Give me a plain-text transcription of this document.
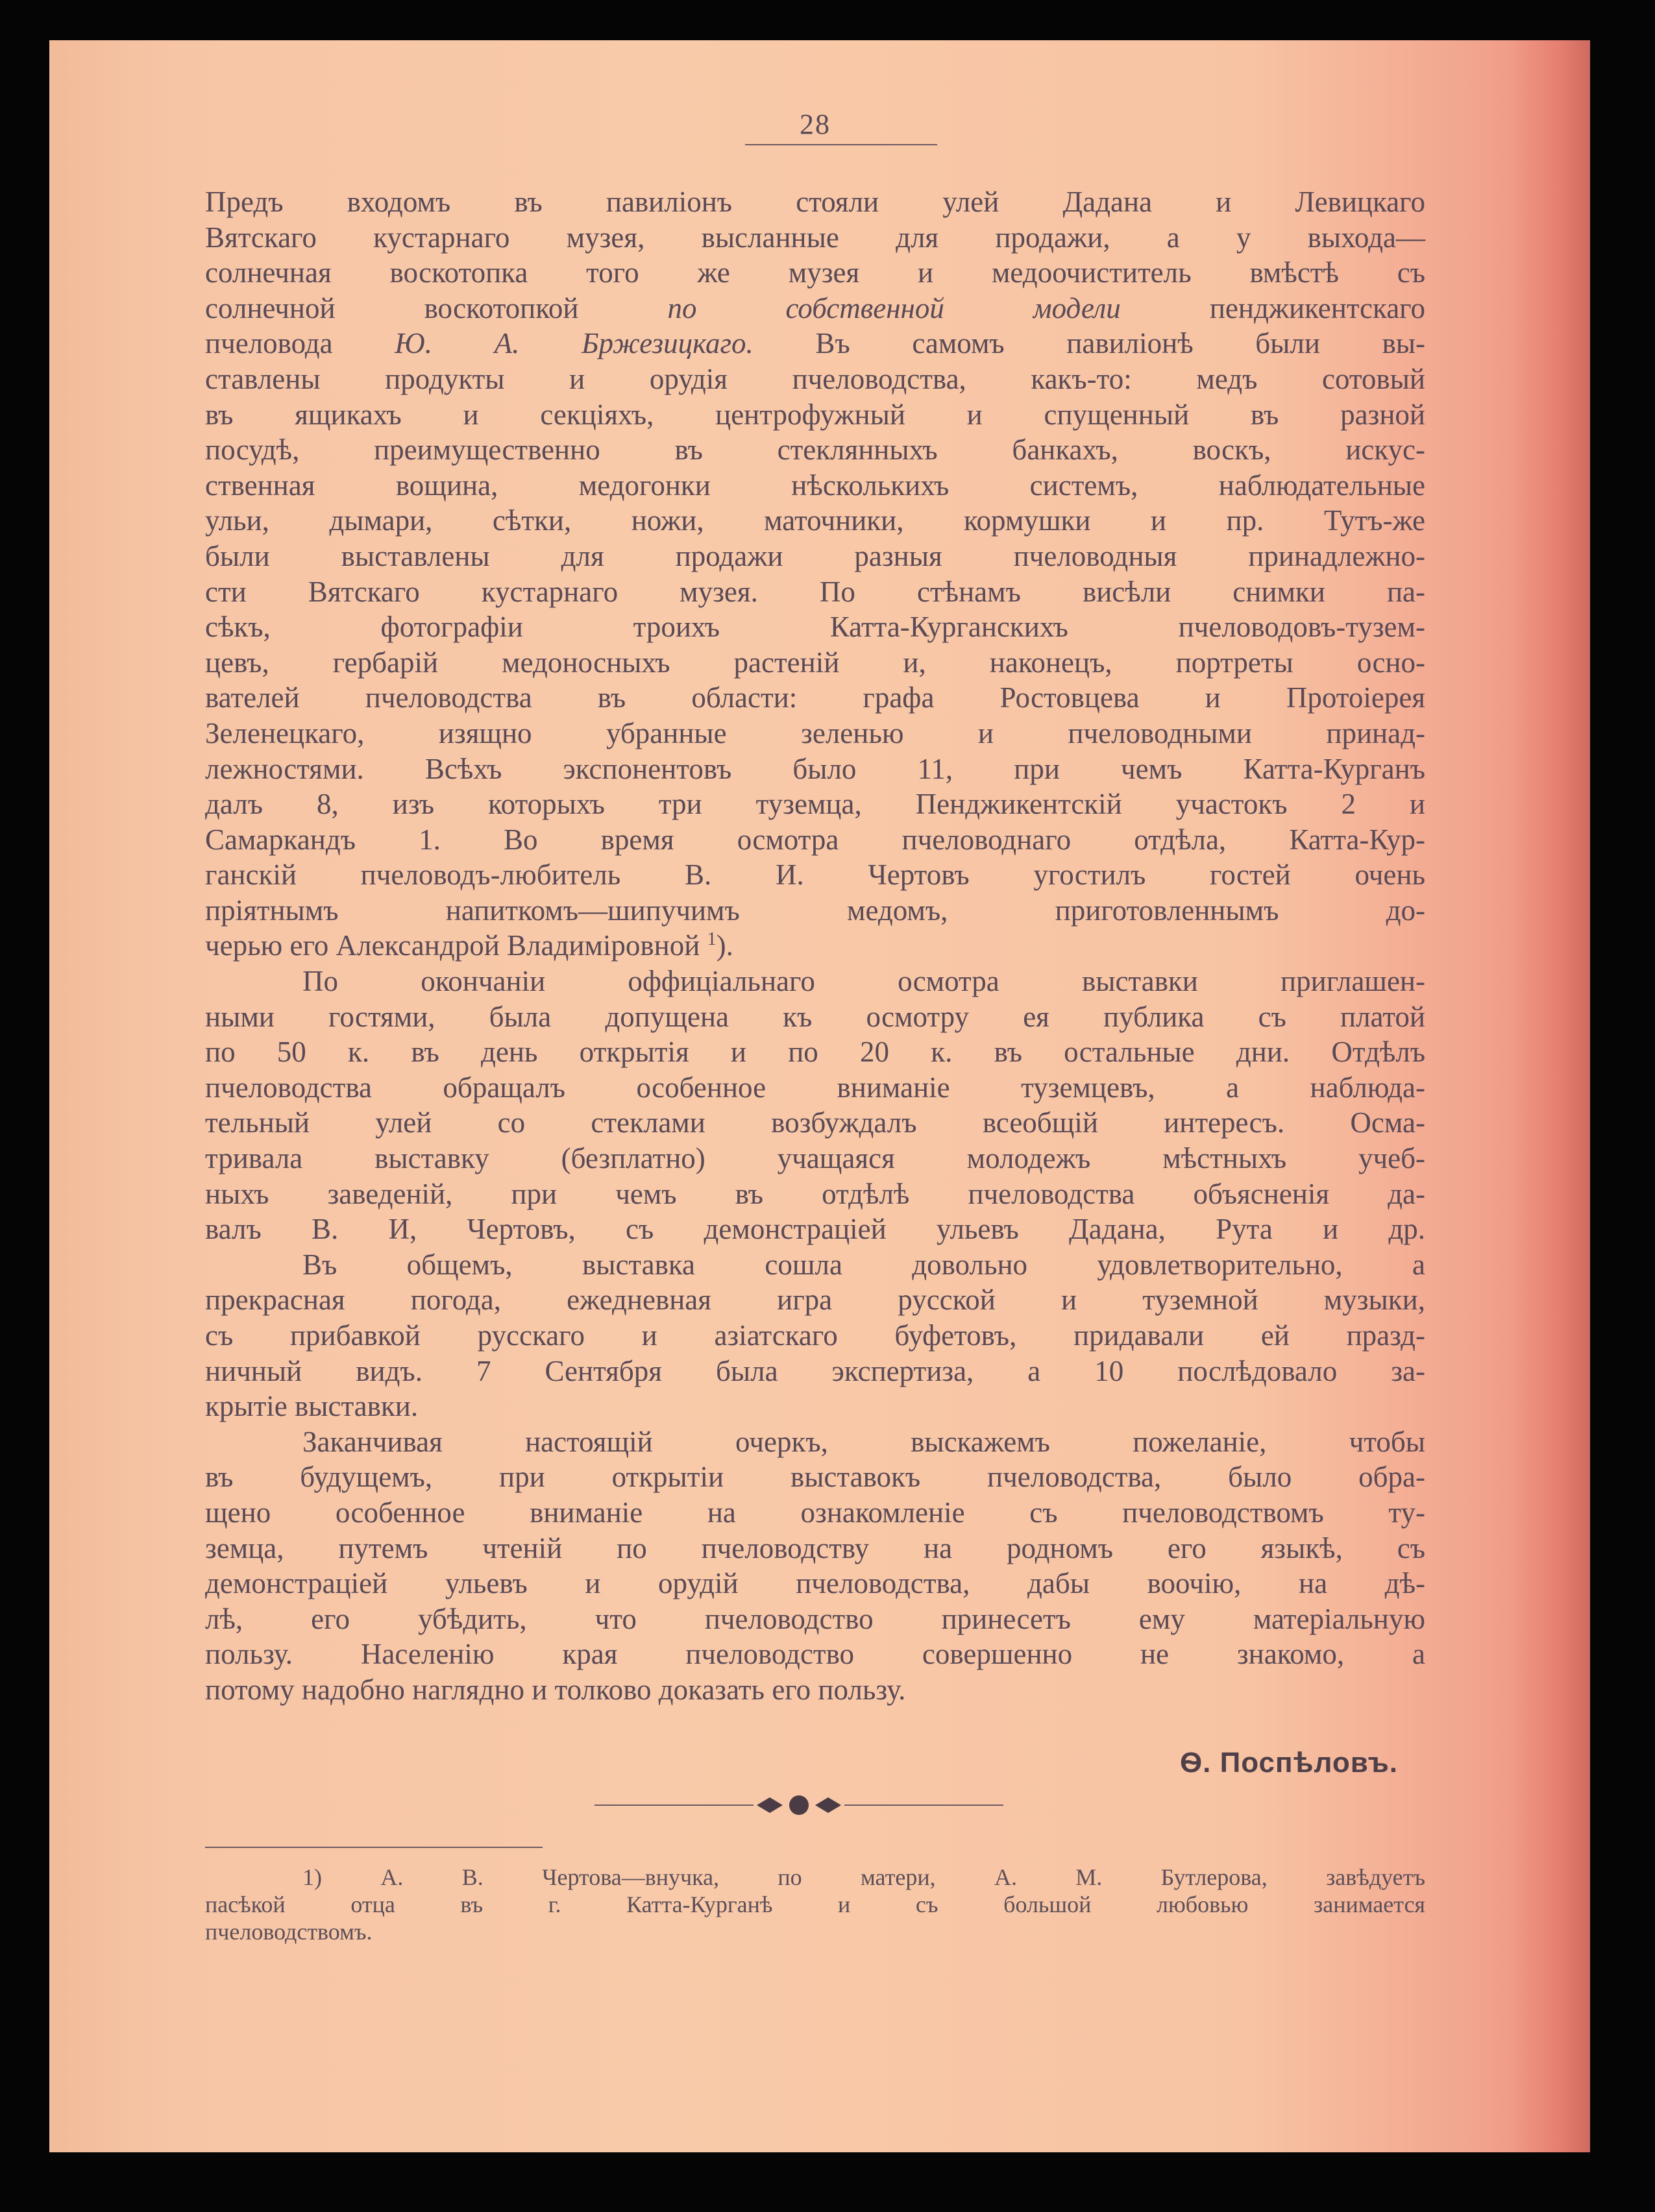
28

Предъ входомъ въ павилiонъ стояли улей Дадана и Левицкаго
Вятскаго кустарнаго музея, высланные для продажи, а у выхода—
солнечная воскотопка того же музея и медоочиститель вмѣстѣ съ
солнечной воскотопкой по собственной модели пенджикентскаго
пчеловода Ю. А. Бржезицкаго. Въ самомъ павилiонѣ были вы-
ставлены продукты и орудiя пчеловодства, какъ-то: медъ сотовый
въ ящикахъ и секцiяхъ, центрофужный и спущенный въ разной
посудѣ, преимущественно въ стеклянныхъ банкахъ, воскъ, искус-
ственная вощина, медогонки нѣсколькихъ системъ, наблюдательные
ульи, дымари, сѣтки, ножи, маточники, кормушки и пр. Тутъ-же
были выставлены для продажи разныя пчеловодныя принадлежно-
сти Вятскаго кустарнаго музея. По стѣнамъ висѣли снимки па-
сѣкъ, фотографiи троихъ Катта-Курганскихъ пчеловодовъ-тузем-
цевъ, гербарiй медоносныхъ растенiй и, наконецъ, портреты осно-
вателей пчеловодства въ области: графа Ростовцева и Протоiерея
Зеленецкаго, изящно убранные зеленью и пчеловодными принад-
лежностями. Всѣхъ экспонентовъ было 11, при чемъ Катта-Курганъ
далъ 8, изъ которыхъ три туземца, Пенджикентскiй участокъ 2 и
Самаркандъ 1. Во время осмотра пчеловоднаго отдѣла, Катта-Кур-
ганскiй пчеловодъ-любитель В. И. Чертовъ угостилъ гостей очень
прiятнымъ напиткомъ—шипучимъ медомъ, приготовленнымъ до-
черью его Александрой Владимiровной $^1$).

По окончанiи оффицiальнаго осмотра выставки приглашен-
ными гостями, была допущена къ осмотру ея публика съ платой
по 50 к. въ день открытiя и по 20 к. въ остальные дни. Отдѣлъ
пчеловодства обращалъ особенное вниманiе туземцевъ, а наблюда-
тельный улей со стеклами возбуждалъ всеобщiй интересъ. Осма-
тривала выставку (безплатно) учащаяся молодежъ мѣстныхъ учеб-
ныхъ заведенiй, при чемъ въ отдѣлѣ пчеловодства объясненiя да-
валъ В. И, Чертовъ, съ демонстрацiей ульевъ Дадана, Рута и др.

Въ общемъ, выставка сошла довольно удовлетворительно, а
прекрасная погода, ежедневная игра русской и туземной музыки,
съ прибавкой русскаго и азiатскаго буфетовъ, придавали ей празд-
ничный видъ. 7 Сентября была экспертиза, а 10 послѣдовало за-
крытiе выставки.

Заканчивая настоящiй очеркъ, выскажемъ пожеланiе, чтобы
въ будущемъ, при открытiи выставокъ пчеловодства, было обра-
щено особенное вниманiе на ознакомленiе съ пчеловодствомъ ту-
земца, путемъ чтенiй по пчеловодству на родномъ его языкѣ, съ
демонстрацiей ульевъ и орудiй пчеловодства, дабы воочiю, на дѣ-
лѣ, его убѣдить, что пчеловодство принесетъ ему матерiальную
пользу. Населенiю края пчеловодство совершенно не знакомо, а
потому надобно наглядно и толково доказать его пользу.

Ѳ. Поспѣловъ.
1) А. В. Чертова—внучка, по матери, А. М. Бутлерова, завѣдуетъ
пасѣкой отца въ г. Катта-Курганѣ и съ большой любовью занимается
пчеловодствомъ.
